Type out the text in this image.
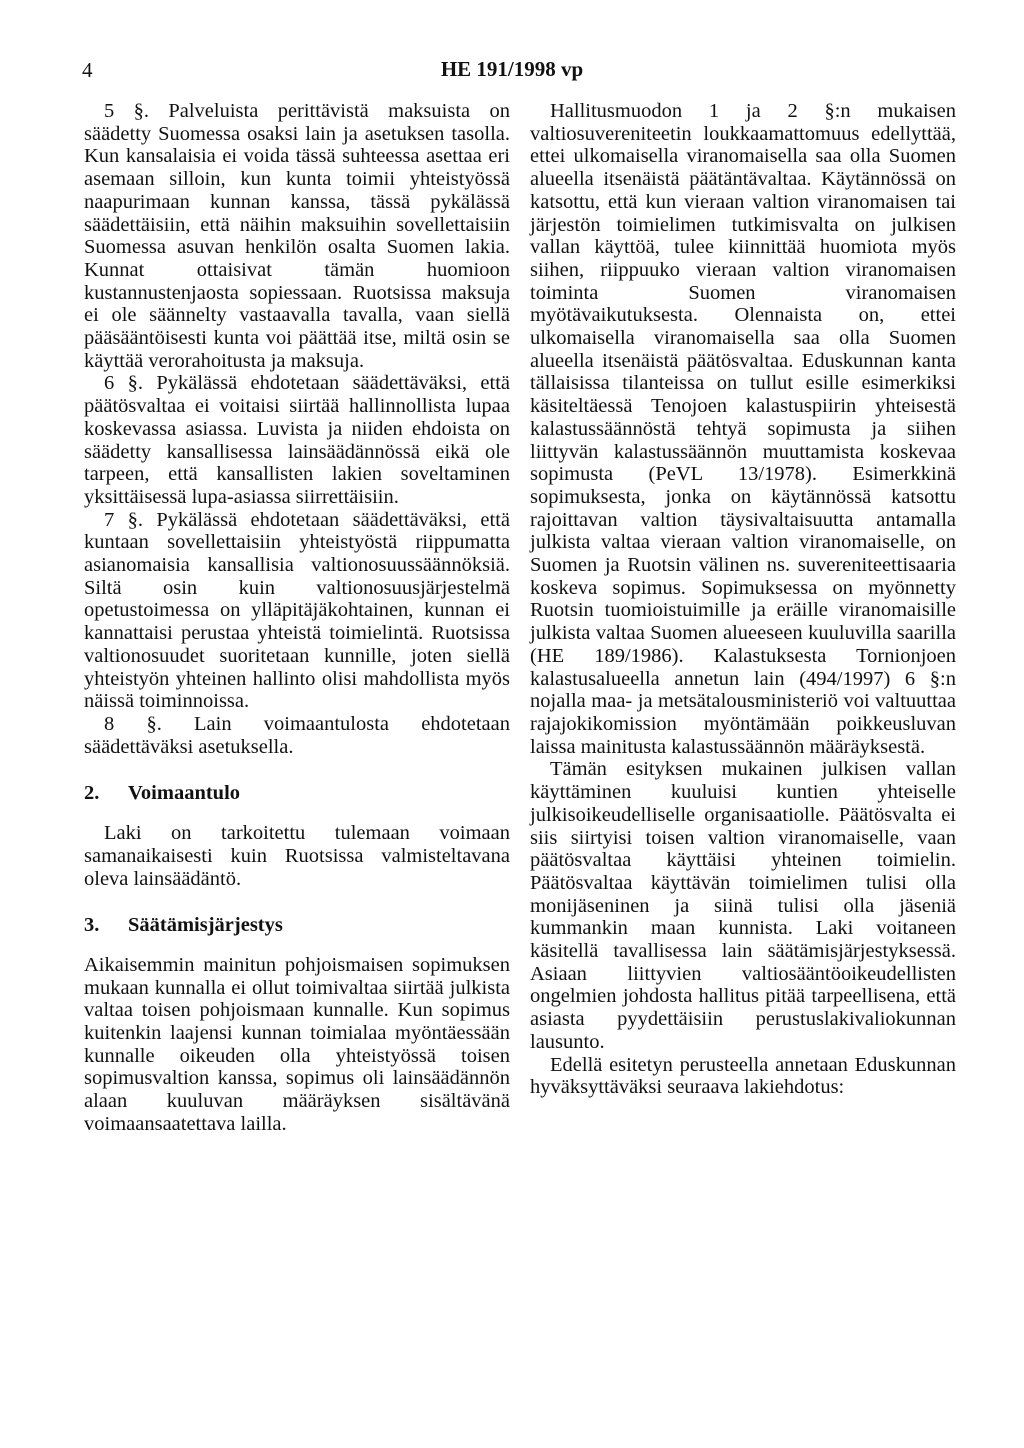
4	HE 191/1998 vp

5 §. Palveluista perittävistä maksuista on säädetty Suomessa osaksi lain ja asetuksen tasolla. Kun kansalaisia ei voida tässä suhteessa asettaa eri asemaan silloin, kun kunta toimii yhteistyössä naapurimaan kunnan kanssa, tässä pykälässä säädettäisiin, että näihin maksuihin sovellettaisiin Suomessa asuvan henkilön osalta Suomen lakia. Kunnat ottaisivat tämän huomioon kustannustenjaosta sopiessaan. Ruotsissa maksuja ei ole säännelty vastaavalla tavalla, vaan siellä pääsääntöisesti kunta voi päättää itse, miltä osin se käyttää verorahoitusta ja maksuja.

6 §. Pykälässä ehdotetaan säädettäväksi, että päätösvaltaa ei voitaisi siirtää hallinnollista lupaa koskevassa asiassa. Luvista ja niiden ehdoista on säädetty kansallisessa lainsäädännössä eikä ole tarpeen, että kansallisten lakien soveltaminen yksittäisessä lupa-asiassa siirrettäisiin.

7 §. Pykälässä ehdotetaan säädettäväksi, että kuntaan sovellettaisiin yhteistyöstä riippumatta asianomaisia kansallisia valtionosuussäännöksiä. Siltä osin kuin valtionosuusjärjestelmä opetustoimessa on ylläpitäjäkohtainen, kunnan ei kannattaisi perustaa yhteistä toimielintä. Ruotsissa valtionosuudet suoritetaan kunnille, joten siellä yhteistyön yhteinen hallinto olisi mahdollista myös näissä toiminnoissa.

8 §. Lain voimaantulosta ehdotetaan säädettäväksi asetuksella.

2. Voimaantulo

Laki on tarkoitettu tulemaan voimaan samanaikaisesti kuin Ruotsissa valmisteltavana oleva lainsäädäntö.

3. Säätämisjärjestys

Aikaisemmin mainitun pohjoismaisen sopimuksen mukaan kunnalla ei ollut toimivaltaa siirtää julkista valtaa toisen pohjoismaan kunnalle. Kun sopimus kuitenkin laajensi kunnan toimialaa myöntäessään kunnalle oikeuden olla yhteistyössä toisen sopimusvaltion kanssa, sopimus oli lainsäädännön alaan kuuluvan määräyksen sisältävänä voimaansaatettava lailla.

Hallitusmuodon 1 ja 2 §:n mukaisen valtiosuvereniteetin loukkaamattomuus edellyttää, ettei ulkomaisella viranomaisella saa olla Suomen alueella itsenäistä päätäntävaltaa. Käytännössä on katsottu, että kun vieraan valtion viranomaisen tai järjestön toimielimen tutkimisvalta on julkisen vallan käyttöä, tulee kiinnittää huomiota myös siihen, riippuuko vieraan valtion viranomaisen toiminta Suomen viranomaisen myötävaikutuksesta. Olennaista on, ettei ulkomaisella viranomaisella saa olla Suomen alueella itsenäistä päätösvaltaa. Eduskunnan kanta tällaisissa tilanteissa on tullut esille esimerkiksi käsiteltäessä Tenojoen kalastuspiirin yhteisestä kalastussäännöstä tehtyä sopimusta ja siihen liittyvän kalastussäännön muuttamista koskevaa sopimusta (PeVL 13/1978). Esimerkkinä sopimuksesta, jonka on käytännössä katsottu rajoittavan valtion täysivaltaisuutta antamalla julkista valtaa vieraan valtion viranomaiselle, on Suomen ja Ruotsin välinen ns. suvereniteettisaaria koskeva sopimus. Sopimuksessa on myönnetty Ruotsin tuomioistuimille ja eräille viranomaisille julkista valtaa Suomen alueeseen kuuluvilla saarilla (HE 189/1986). Kalastuksesta Tornionjoen kalastusalueella annetun lain (494/1997) 6 §:n nojalla maa- ja metsätalousministeriö voi valtuuttaa rajajokikomission myöntämään poikkeusluvan laissa mainitusta kalastussäännön määräyksestä.

Tämän esityksen mukainen julkisen vallan käyttäminen kuuluisi kuntien yhteiselle julkisoikeudelliselle organisaatiolle. Päätösvalta ei siis siirtyisi toisen valtion viranomaiselle, vaan päätösvaltaa käyttäisi yhteinen toimielin. Päätösvaltaa käyttävän toimielimen tulisi olla monijäseninen ja siinä tulisi olla jäseniä kummankin maan kunnista. Laki voitaneen käsitellä tavallisessa lain säätämisjärjestyksessä. Asiaan liittyvien valtiosääntöoikeudellisten ongelmien johdosta hallitus pitää tarpeellisena, että asiasta pyydettäisiin perustuslakivaliokunnan lausunto.

Edellä esitetyn perusteella annetaan Eduskunnan hyväksyttäväksi seuraava lakiehdotus:
